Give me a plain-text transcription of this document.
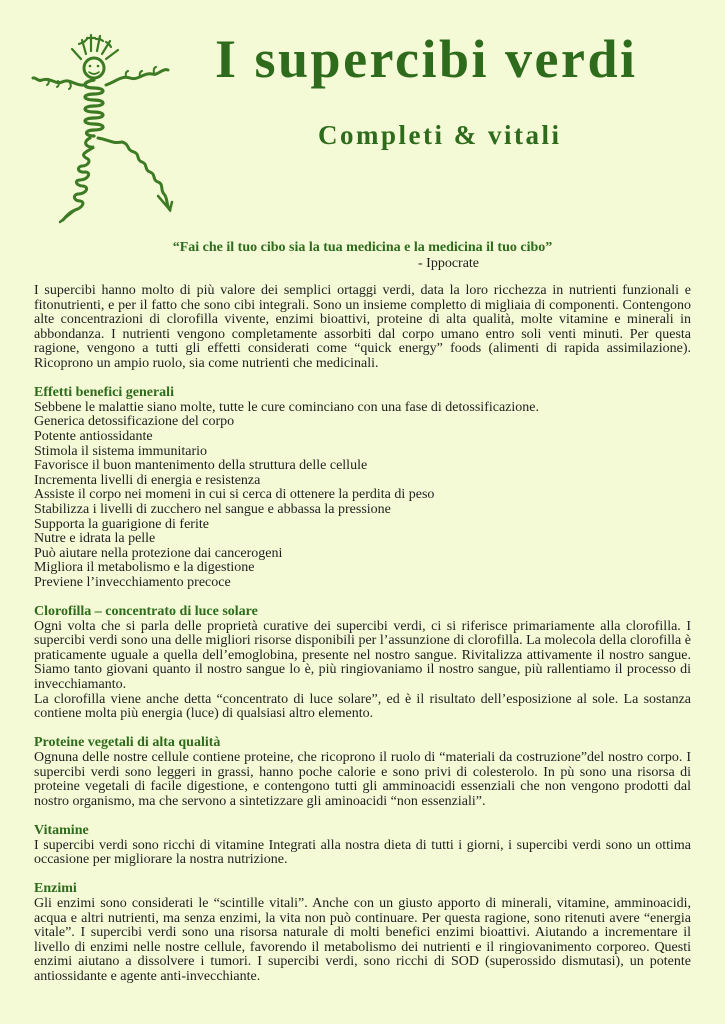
I supercibi verdi
Completi & vitali
“Fai che il tuo cibo sia la tua medicina e la medicina il tuo cibo”
- Ippocrate

I supercibi hanno molto di più valore dei semplici ortaggi verdi, data la loro ricchezza in nutrienti funzionali e fitonutrienti, e per il fatto che sono cibi integrali. Sono un insieme completto di migliaia di componenti. Contengono alte concentrazioni di clorofilla vivente, enzimi bioattivi, proteine di alta qualità, molte vitamine e minerali in abbondanza. I nutrienti vengono completamente assorbiti dal corpo umano entro soli venti minuti. Per questa ragione, vengono a tutti gli effetti considerati come “quick energy” foods (alimenti di rapida assimilazione). Ricoprono un ampio ruolo, sia come nutrienti che medicinali.

Effetti benefici generali
Sebbene le malattie siano molte, tutte le cure cominciano con una fase di detossificazione.
Generica detossificazione del corpo
Potente antiossidante
Stimola il sistema immunitario
Favorisce il buon mantenimento della struttura delle cellule
Incrementa livelli di energia e resistenza
Assiste il corpo nei momeni in cui si cerca di ottenere la perdita di peso
Stabilizza i livelli di zucchero nel sangue e abbassa la pressione
Supporta la guarigione di ferite
Nutre e idrata la pelle
Può aiutare nella protezione dai cancerogeni
Migliora il metabolismo e la digestione
Previene l’invecchiamento precoce
Clorofilla – concentrato di luce solare

Ogni volta che si parla delle proprietà curative dei supercibi verdi, ci si riferisce primariamente alla clorofilla. I supercibi verdi sono una delle migliori risorse disponibili per l’assunzione di clorofilla. La molecola della clorofilla è praticamente uguale a quella dell’emoglobina, presente nel nostro sangue. Rivitalizza attivamente il nostro sangue. Siamo tanto giovani quanto il nostro sangue lo è, più ringiovaniamo il nostro sangue, più rallentiamo il processo di invecchiamanto.

La clorofilla viene anche detta “concentrato di luce solare”, ed è il risultato dell’esposizione al sole. La sostanza contiene molta più energia (luce) di qualsiasi altro elemento.

Proteine vegetali di alta qualità

Ognuna delle nostre cellule contiene proteine, che ricoprono il ruolo di “materiali da costruzione”del nostro corpo. I supercibi verdi sono leggeri in grassi, hanno poche calorie e sono privi di colesterolo. In pù sono una risorsa di proteine vegetali di facile digestione, e contengono tutti gli amminoacidi essenziali che non vengono prodotti dal nostro organismo, ma che servono a sintetizzare gli aminoacidi “non essenziali”.

Vitamine

I supercibi verdi sono ricchi di vitamine Integrati alla nostra dieta di tutti i giorni, i supercibi verdi sono un ottima occasione per migliorare la nostra nutrizione.

Enzimi

Gli enzimi sono considerati le “scintille vitali”. Anche con un giusto apporto di minerali, vitamine, amminoacidi, acqua e altri nutrienti, ma senza enzimi, la vita non può continuare. Per questa ragione, sono ritenuti avere “energia vitale”. I supercibi verdi sono una risorsa naturale di molti benefici enzimi bioattivi. Aiutando a incrementare il livello di enzimi nelle nostre cellule, favorendo il metabolismo dei nutrienti e il ringiovanimento corporeo. Questi enzimi aiutano a dissolvere i tumori. I supercibi verdi, sono ricchi di SOD (superossido dismutasi), un potente antiossidante e agente anti-invecchiante.
